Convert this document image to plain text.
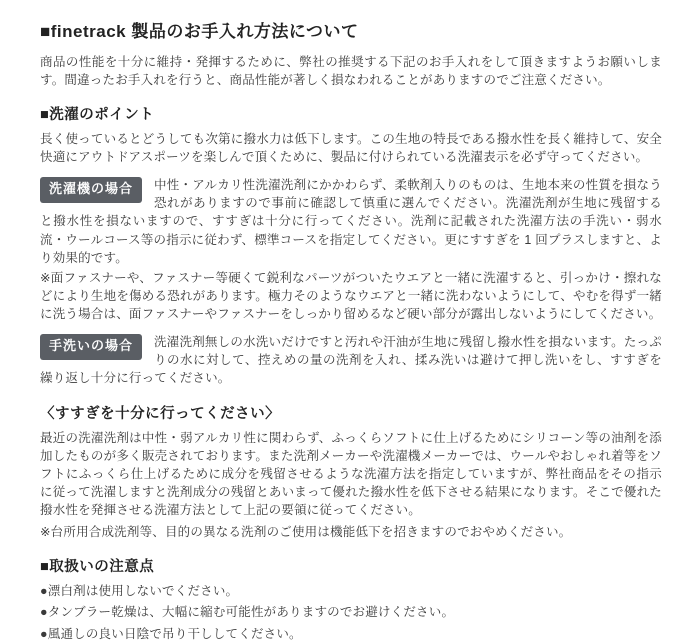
■finetrack 製品のお手入れ方法について

商品の性能を十分に維持・発揮するために、弊社の推奨する下記のお手入れをして頂きますようお願いします。間違ったお手入れを行うと、商品性能が著しく損なわれることがありますのでご注意ください。

■洗濯のポイント

長く使っているとどうしても次第に撥水力は低下します。この生地の特長である撥水性を長く維持して、安全快適にアウトドアスポーツを楽しんで頂くために、製品に付けられている洗濯表示を必ず守ってください。

洗濯機の場合	中性・アルカリ性洗濯洗剤にかかわらず、柔軟剤入りのものは、生地本来の性質を損なう恐れがありますので事前に確認して慎重に選んでください。洗濯洗剤が生地に残留すると撥水性を損ないますので、すすぎは十分に行ってください。洗剤に記載された洗濯方法の手洗い・弱水流・ウールコース等の指示に従わず、標準コースを指定してください。更にすすぎを 1 回プラスしますと、より効果的です。

※面ファスナーや、ファスナー等硬くて鋭利なパーツがついたウエアと一緒に洗濯すると、引っかけ・擦れなどにより生地を傷める恐れがあります。極力そのようなウエアと一緒に洗わないようにして、やむを得ず一緒に洗う場合は、面ファスナーやファスナーをしっかり留めるなど硬い部分が露出しないようにしてください。

手洗いの場合	洗濯洗剤無しの水洗いだけですと汚れや汗油が生地に残留し撥水性を損ないます。たっぷりの水に対して、控えめの量の洗剤を入れ、揉み洗いは避けて押し洗いをし、すすぎを繰り返し十分に行ってください。
〈すすぎを十分に行ってください〉

最近の洗濯洗剤は中性・弱アルカリ性に関わらず、ふっくらソフトに仕上げるためにシリコーン等の油剤を添加したものが多く販売されております。また洗剤メーカーや洗濯機メーカーでは、ウールやおしゃれ着等をソフトにふっくら仕上げるために成分を残留させるような洗濯方法を指定していますが、弊社商品をその指示に従って洗濯しますと洗剤成分の残留とあいまって優れた撥水性を低下させる結果になります。そこで優れた撥水性を発揮させる洗濯方法として上記の要領に従ってください。

※台所用合成洗剤等、目的の異なる洗剤のご使用は機能低下を招きますのでおやめください。

■取扱いの注意点
●漂白剤は使用しないでください。
●タンブラー乾燥は、大幅に縮む可能性がありますのでお避けください。
●風通しの良い日陰で吊り干ししてください。
